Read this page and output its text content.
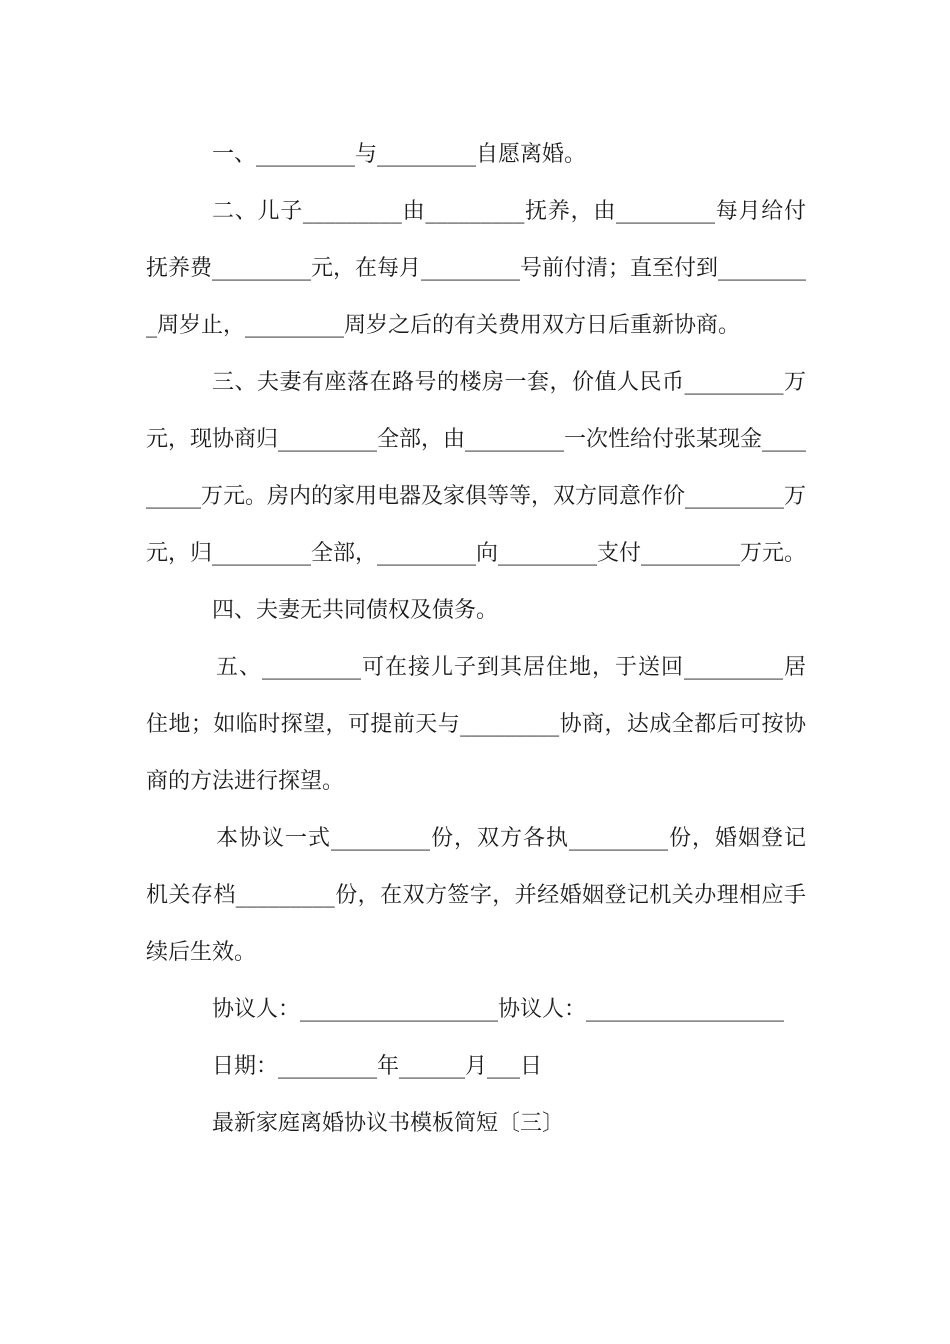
一、_________与_________自愿离婚。

二、儿子_________由_________抚养，由_________每月给付抚养费_________元，在每月_________号前付清；直至付到_________周岁止，_________周岁之后的有关费用双方日后重新协商。

三、夫妻有座落在路号的楼房一套，价值人民币_________万元，现协商归_________全部，由_________一次性给付张某现金_________万元。房内的家用电器及家俱等等，双方同意作价_________万元，归_________全部，_________向_________支付_________万元。

四、夫妻无共同债权及债务。

五、_________可在接儿子到其居住地，于送回_________居住地；如临时探望，可提前天与_________协商，达成全都后可按协商的方法进行探望。

本协议一式_________份，双方各执_________份，婚姻登记机关存档_________份，在双方签字，并经婚姻登记机关办理相应手续后生效。

协议人：__________________协议人：__________________

日期：_________年______月___日

最新家庭离婚协议书模板简短〔三〕
